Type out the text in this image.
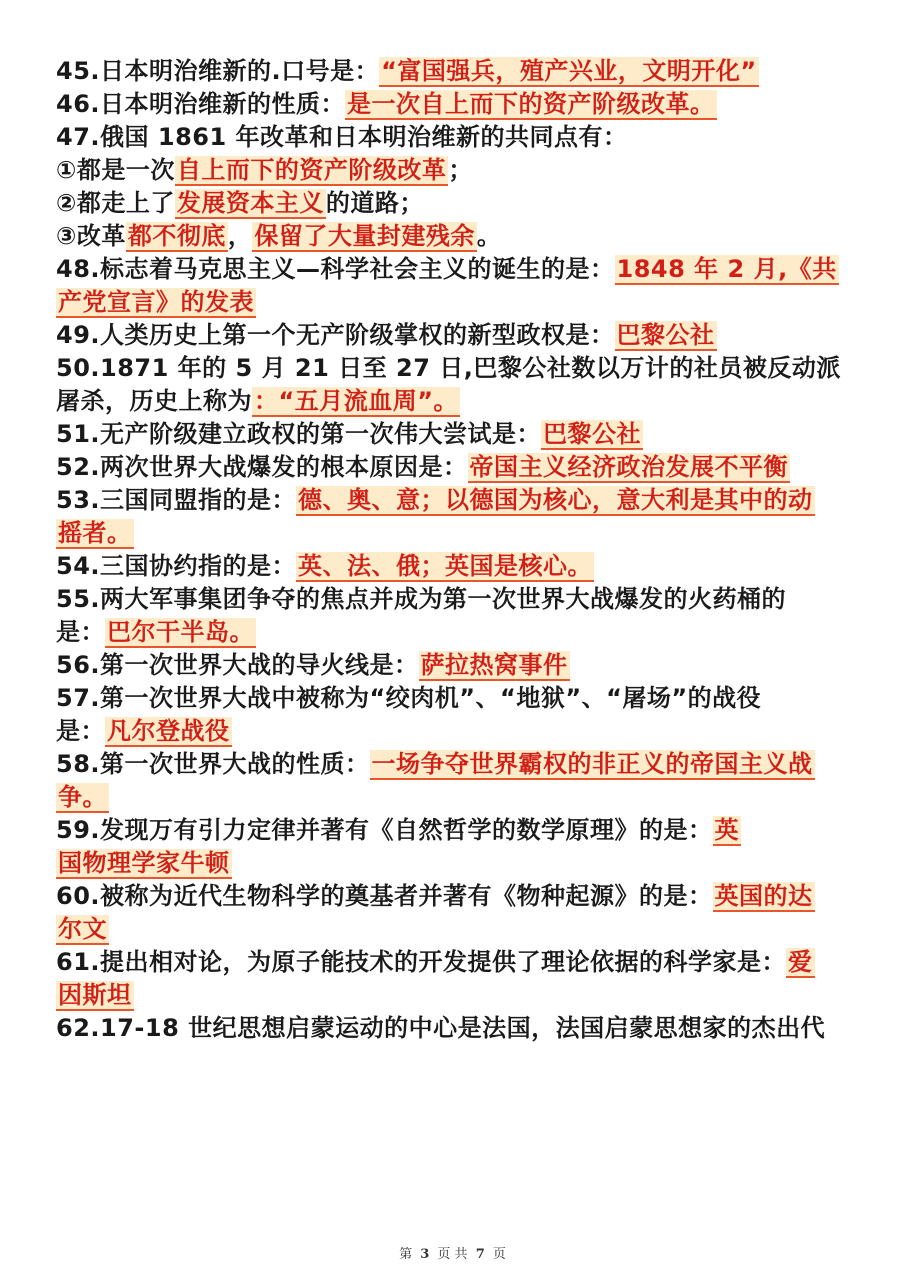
45.日本明治维新的.口号是：“富国强兵，殖产兴业，文明开化”
46.日本明治维新的性质：是一次自上而下的资产阶级改革。
47.俄国 1861 年改革和日本明治维新的共同点有：
①都是一次自上而下的资产阶级改革；
②都走上了发展资本主义的道路；
③改革都不彻底，保留了大量封建残余。
48.标志着马克思主义—科学社会主义的诞生的是：1848 年 2 月,《共
产党宣言》的发表
49.人类历史上第一个无产阶级掌权的新型政权是：巴黎公社
50.1871 年的 5 月 21 日至 27 日,巴黎公社数以万计的社员被反动派
屠杀，历史上称为：“五月流血周”。
51.无产阶级建立政权的第一次伟大尝试是：巴黎公社
52.两次世界大战爆发的根本原因是：帝国主义经济政治发展不平衡
53.三国同盟指的是：德、奥、意；以德国为核心，意大利是其中的动
摇者。
54.三国协约指的是：英、法、俄；英国是核心。
55.两大军事集团争夺的焦点并成为第一次世界大战爆发的火药桶的
是：巴尔干半岛。
56.第一次世界大战的导火线是：萨拉热窝事件
57.第一次世界大战中被称为“绞肉机”、“地狱”、“屠场”的战役
是：凡尔登战役
58.第一次世界大战的性质：一场争夺世界霸权的非正义的帝国主义战
争。
59.发现万有引力定律并著有《自然哲学的数学原理》的是：英
国物理学家牛顿
60.被称为近代生物科学的奠基者并著有《物种起源》的是：英国的达
尔文
61.提出相对论，为原子能技术的开发提供了理论依据的科学家是：爱
因斯坦
62.17-18 世纪思想启蒙运动的中心是法国，法国启蒙思想家的杰出代
第 3 页 共 7 页
